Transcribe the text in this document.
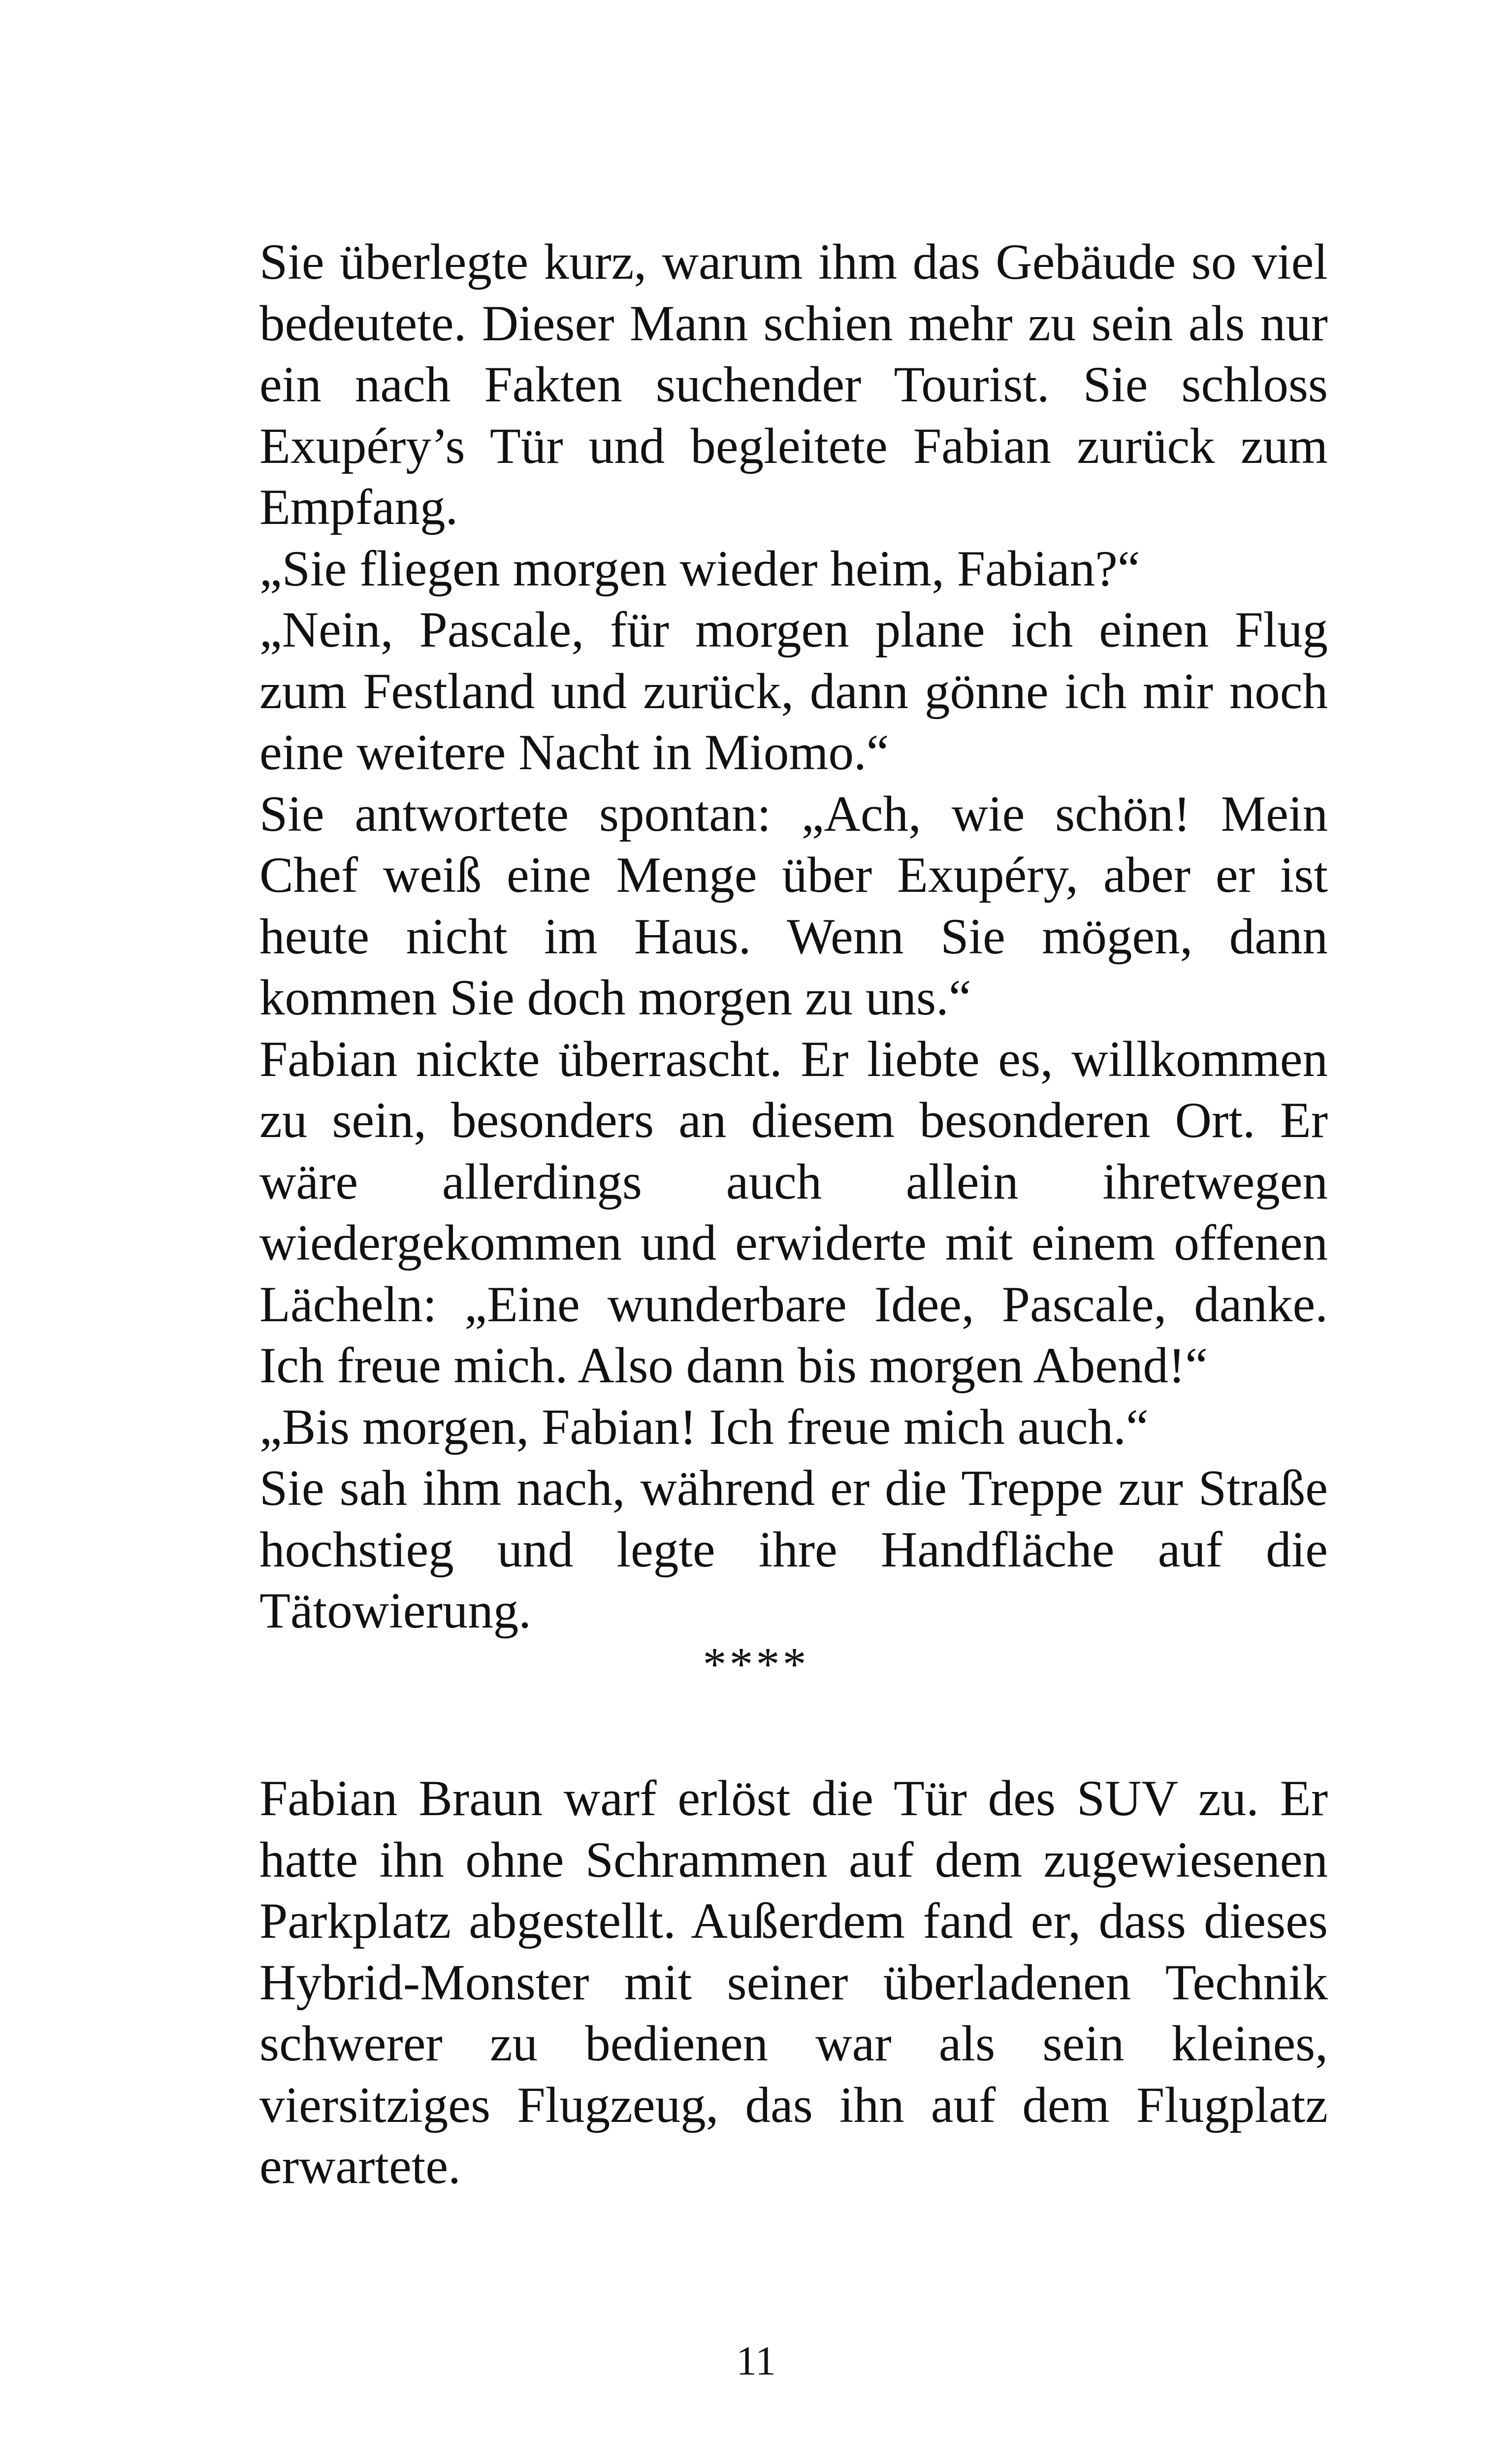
Sie überlegte kurz, warum ihm das Gebäude so viel bedeutete. Dieser Mann schien mehr zu sein als nur ein nach Fakten suchender Tourist. Sie schloss Exupéry’s Tür und begleitete Fabian zurück zum Empfang.

„Sie fliegen morgen wieder heim, Fabian?“

„Nein, Pascale, für morgen plane ich einen Flug zum Festland und zurück, dann gönne ich mir noch eine weitere Nacht in Miomo.“

Sie antwortete spontan: „Ach, wie schön! Mein Chef weiß eine Menge über Exupéry, aber er ist heute nicht im Haus. Wenn Sie mögen, dann kommen Sie doch morgen zu uns.“

Fabian nickte überrascht. Er liebte es, willkommen zu sein, besonders an diesem besonderen Ort. Er wäre allerdings auch allein ihretwegen wiedergekommen und erwiderte mit einem offenen Lächeln: „Eine wunderbare Idee, Pascale, danke. Ich freue mich. Also dann bis morgen Abend!“

„Bis morgen, Fabian! Ich freue mich auch.“

Sie sah ihm nach, während er die Treppe zur Straße hochstieg und legte ihre Handfläche auf die Tätowierung.

****

Fabian Braun warf erlöst die Tür des SUV zu. Er hatte ihn ohne Schrammen auf dem zugewiesenen Parkplatz abgestellt. Außerdem fand er, dass dieses Hybrid-Monster mit seiner überladenen Technik schwerer zu bedienen war als sein kleines, viersitziges Flugzeug, das ihn auf dem Flugplatz erwartete.

11
